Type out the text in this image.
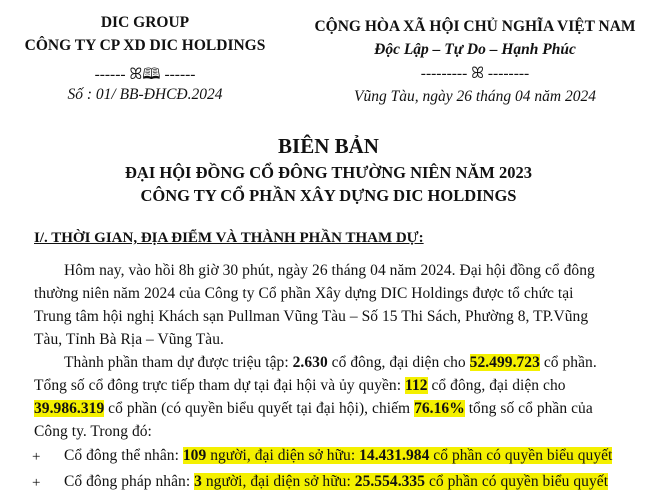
DIC GROUP
CÔNG TY CP XD DIC HOLDINGS
------ ꕤ🕮 ------
Số : 01/ BB-ĐHCĐ.2024
CỘNG HÒA XÃ HỘI CHỦ NGHĨA VIỆT NAM
Độc Lập – Tự Do – Hạnh Phúc
--------- ꕤ --------
Vũng Tàu, ngày 26 tháng 04 năm 2024
BIÊN BẢN
ĐẠI HỘI ĐỒNG CỔ ĐÔNG THƯỜNG NIÊN NĂM 2023
CÔNG TY CỔ PHẦN XÂY DỰNG DIC HOLDINGS
I/. THỜI GIAN, ĐỊA ĐIỂM VÀ THÀNH PHẦN THAM DỰ:
Hôm nay, vào hồi 8h giờ 30 phút, ngày 26 tháng 04 năm 2024. Đại hội đồng cổ đông
thường niên năm 2024 của Công ty Cổ phần Xây dựng DIC Holdings được tổ chức tại
Trung tâm hội nghị Khách sạn Pullman Vũng Tàu – Số 15 Thi Sách, Phường 8, TP.Vũng
Tàu, Tỉnh Bà Rịa – Vũng Tàu.
Thành phần tham dự được triệu tập: 2.630 cổ đông, đại diện cho 52.499.723 cổ phần.
Tổng số cổ đông trực tiếp tham dự tại đại hội và ủy quyền: 112 cổ đông, đại diện cho
39.986.319 cổ phần (có quyền biểu quyết tại đại hội), chiếm 76.16% tổng số cổ phần của
Công ty. Trong đó:
+ Cổ đông thể nhân: 109 người, đại diện sở hữu: 14.431.984 cổ phần có quyền biểu quyết
+ Cổ đông pháp nhân: 3 người, đại diện sở hữu: 25.554.335 cổ phần có quyền biểu quyết
